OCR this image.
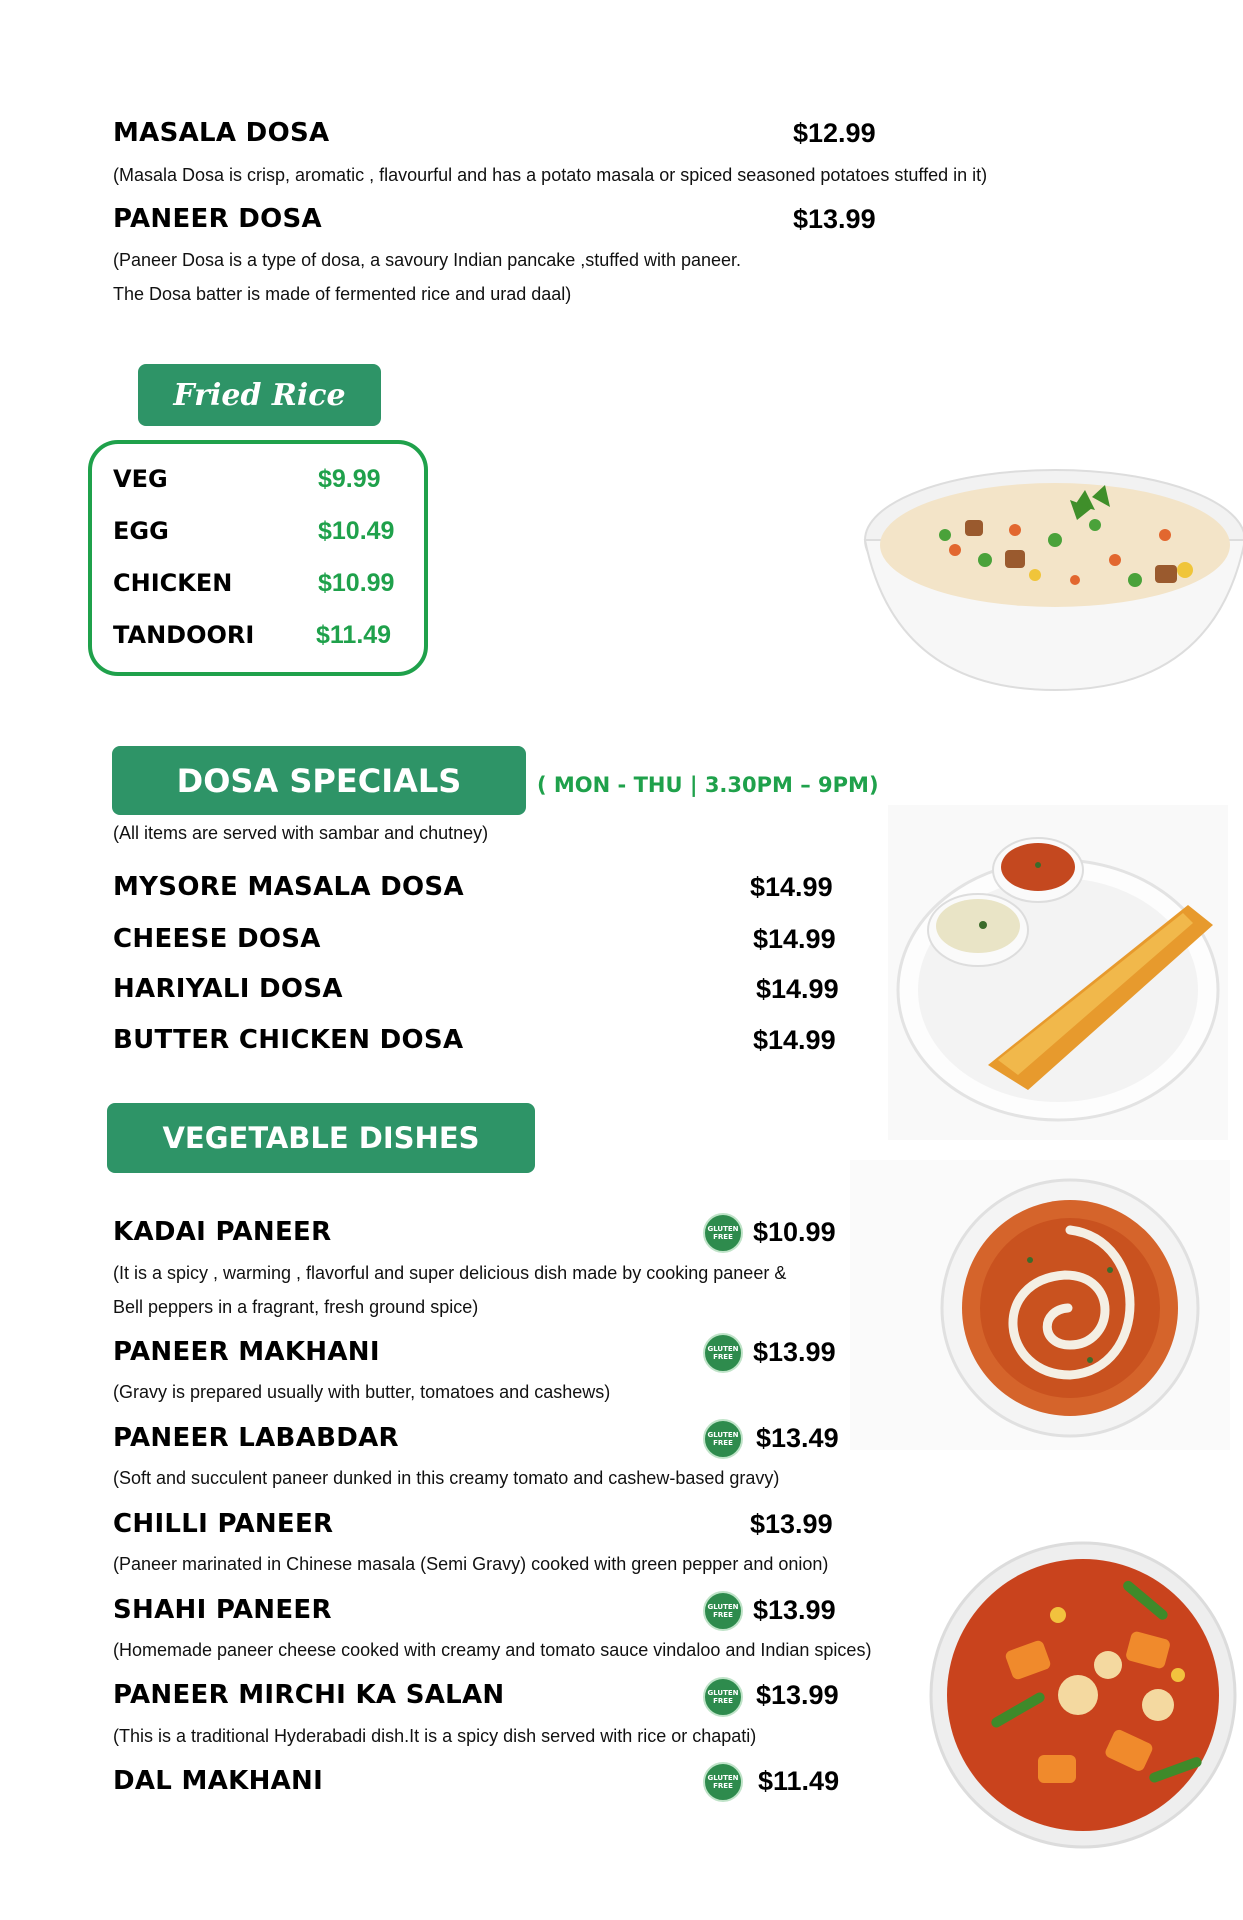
MASALA DOSA	$12.99
(Masala Dosa is crisp, aromatic , flavourful and has a potato masala or spiced seasoned potatoes stuffed in it)
PANEER DOSA	$13.99
(Paneer Dosa is a type of dosa, a savoury Indian pancake ,stuffed with paneer.
The Dosa batter is made of fermented rice and urad daal)
Fried Rice
VEG	$9.99
EGG	$10.49
CHICKEN	$10.99
TANDOORI $11.49
DOSA SPECIALS	( MON - THU | 3.30PM – 9PM)
(All items are served with sambar and chutney)
MYSORE MASALA DOSA	$14.99
CHEESE DOSA	$14.99
HARIYALI DOSA	$14.99
BUTTER CHICKEN DOSA	$14.99
VEGETABLE DISHES
KADAI PANEER	GLUTEN FREE $10.99
(It is a spicy , warming , flavorful and super delicious dish made by cooking paneer &
Bell peppers in a fragrant, fresh ground spice)
PANEER MAKHANI	GLUTEN FREE $13.99
(Gravy is prepared usually with butter, tomatoes and cashews)
PANEER LABABDAR	GLUTEN FREE $13.49
(Soft and succulent paneer dunked in this creamy tomato and cashew-based gravy)
CHILLI PANEER	$13.99
(Paneer marinated in Chinese masala (Semi Gravy) cooked with green pepper and onion)
SHAHI PANEER	GLUTEN FREE $13.99
(Homemade paneer cheese cooked with creamy and tomato sauce vindaloo and Indian spices)
PANEER MIRCHI KA SALAN	GLUTEN FREE $13.99
(This is a traditional Hyderabadi dish.It is a spicy dish served with rice or chapati)
DAL MAKHANI	GLUTEN FREE $11.49
